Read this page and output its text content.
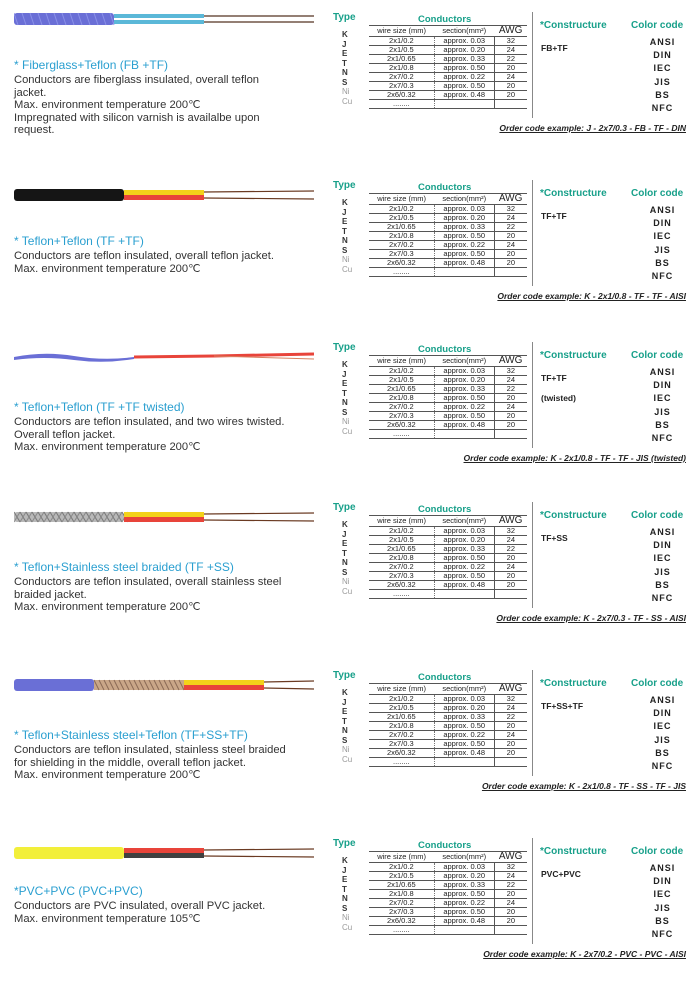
* Fiberglass+Teflon (FB +TF)
Conductors are fiberglass insulated, overall teflon
jacket.
Max. environment temperature 200℃
Impregnated with silicon varnish is availalbe upon
request.
Type
K
J
E
T
N
S
Ni
Cu
Conductors
wire size (mm)	section(mm²)	AWG
2x1/0.2	approx. 0.03	32
2x1/0.5	approx. 0.20	24
2x1/0.65	approx. 0.33	22
2x1/0.8	approx. 0.50	20
2x7/0.2	approx. 0.22	24
2x7/0.3	approx. 0.50	20
2x6/0.32	approx. 0.48	20
........		
*Constructure
FB+TF
Color code
ANSI
DIN
IEC
JIS
BS
NFC
Order code example: J - 2x7/0.3 - FB - TF - DIN
* Teflon+Teflon (TF +TF)
Conductors are teflon insulated, overall teflon jacket.
Max. environment temperature 200℃
Type
K
J
E
T
N
S
Ni
Cu
Conductors
wire size (mm)	section(mm²)	AWG
2x1/0.2	approx. 0.03	32
2x1/0.5	approx. 0.20	24
2x1/0.65	approx. 0.33	22
2x1/0.8	approx. 0.50	20
2x7/0.2	approx. 0.22	24
2x7/0.3	approx. 0.50	20
2x6/0.32	approx. 0.48	20
........		
*Constructure
TF+TF
Color code
ANSI
DIN
IEC
JIS
BS
NFC
Order code example: K - 2x1/0.8 - TF - TF - AISI
* Teflon+Teflon (TF +TF twisted)
Conductors are teflon insulated, and two wires twisted.
Overall teflon jacket.
Max. environment temperature 200℃
Type
K
J
E
T
N
S
Ni
Cu
Conductors
wire size (mm)	section(mm²)	AWG
2x1/0.2	approx. 0.03	32
2x1/0.5	approx. 0.20	24
2x1/0.65	approx. 0.33	22
2x1/0.8	approx. 0.50	20
2x7/0.2	approx. 0.22	24
2x7/0.3	approx. 0.50	20
2x6/0.32	approx. 0.48	20
........		
*Constructure
TF+TF
(twisted)
Color code
ANSI
DIN
IEC
JIS
BS
NFC
Order code example: K - 2x1/0.8 - TF - TF - JIS (twisted)
* Teflon+Stainless steel braided (TF +SS)
Conductors are teflon insulated, overall stainless steel
braided jacket.
Max. environment temperature 200℃
Type
K
J
E
T
N
S
Ni
Cu
Conductors
wire size (mm)	section(mm²)	AWG
2x1/0.2	approx. 0.03	32
2x1/0.5	approx. 0.20	24
2x1/0.65	approx. 0.33	22
2x1/0.8	approx. 0.50	20
2x7/0.2	approx. 0.22	24
2x7/0.3	approx. 0.50	20
2x6/0.32	approx. 0.48	20
........		
*Constructure
TF+SS
Color code
ANSI
DIN
IEC
JIS
BS
NFC
Order code example: K - 2x7/0.3 - TF - SS - AISI
* Teflon+Stainless steel+Teflon (TF+SS+TF)
Conductors are teflon insulated, stainless steel braided
for shielding in the middle, overall teflon jacket.
Max. environment temperature 200℃
Type
K
J
E
T
N
S
Ni
Cu
Conductors
wire size (mm)	section(mm²)	AWG
2x1/0.2	approx. 0.03	32
2x1/0.5	approx. 0.20	24
2x1/0.65	approx. 0.33	22
2x1/0.8	approx. 0.50	20
2x7/0.2	approx. 0.22	24
2x7/0.3	approx. 0.50	20
2x6/0.32	approx. 0.48	20
........		
*Constructure
TF+SS+TF
Color code
ANSI
DIN
IEC
JIS
BS
NFC
Order code example: K - 2x1/0.8 - TF - SS - TF - JIS
*PVC+PVC (PVC+PVC)
Conductors are PVC insulated, overall PVC jacket.
Max. environment temperature 105℃
Type
K
J
E
T
N
S
Ni
Cu
Conductors
wire size (mm)	section(mm²)	AWG
2x1/0.2	approx. 0.03	32
2x1/0.5	approx. 0.20	24
2x1/0.65	approx. 0.33	22
2x1/0.8	approx. 0.50	20
2x7/0.2	approx. 0.22	24
2x7/0.3	approx. 0.50	20
2x6/0.32	approx. 0.48	20
........		
*Constructure
PVC+PVC
Color code
ANSI
DIN
IEC
JIS
BS
NFC
Order code example: K - 2x7/0.2 - PVC - PVC - AISI
